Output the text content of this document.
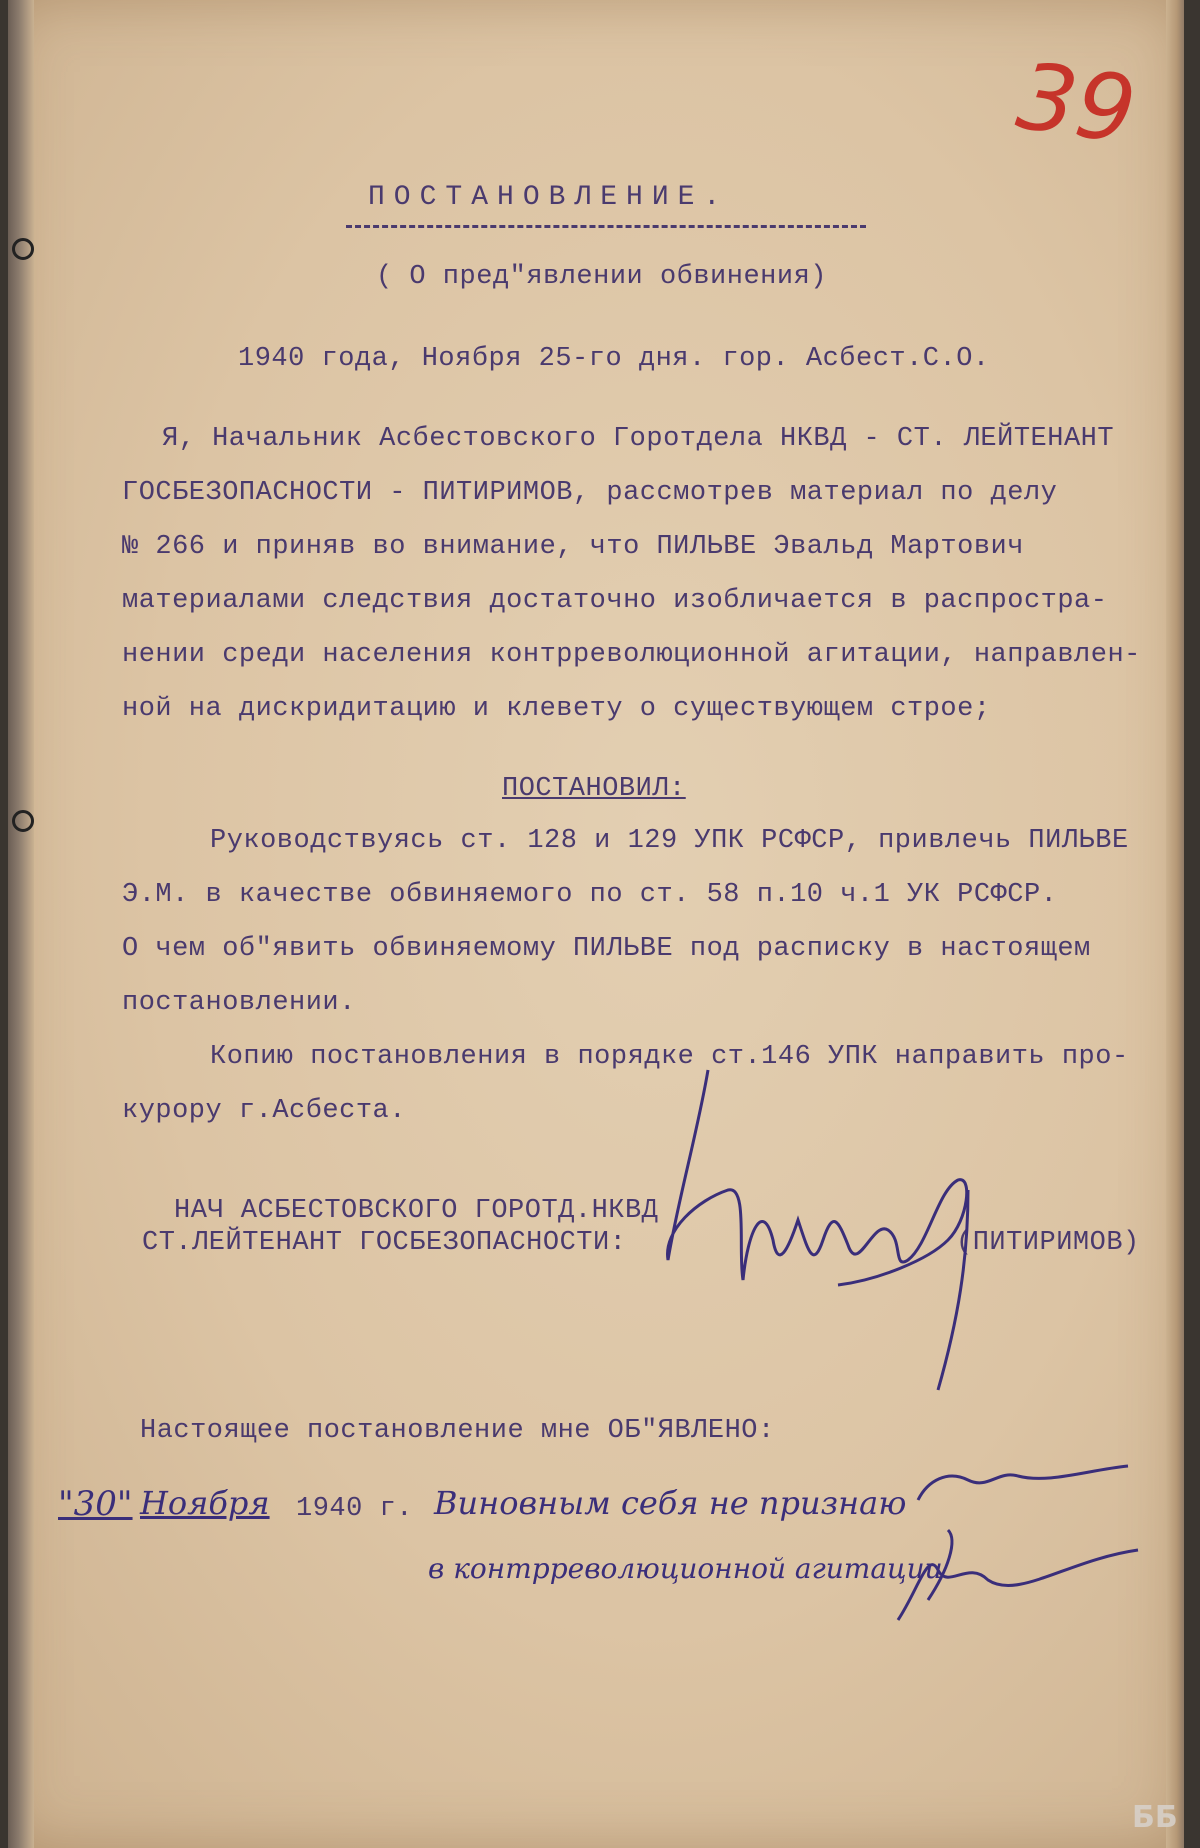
39
ПОСТАНОВЛЕНИЕ.
( О пред"явлении обвинения)
1940 года, Ноября 25-го дня. гор. Асбест.С.О.
Я, Начальник Асбестовского Горотдела НКВД - СТ. ЛЕЙТЕНАНТ
ГОСБЕЗОПАСНОСТИ - ПИТИРИМОВ, рассмотрев материал по делу
№ 266 и приняв во внимание, что ПИЛЬВЕ Эвальд Мартович
материалами следствия достаточно изобличается в распростра-
нении среди населения контрреволюционной агитации, направлен-
ной на дискридитацию и клевету о существующем строе;
ПОСТАНОВИЛ:
Руководствуясь ст. 128 и 129 УПК РСФСР, привлечь ПИЛЬВЕ
Э.М. в качестве обвиняемого по ст. 58 п.10 ч.1 УК РСФСР.
О чем об"явить обвиняемому ПИЛЬВЕ под расписку в настоящем
постановлении.
Копию постановления в порядке ст.146 УПК направить про-
курору г.Асбеста.
НАЧ АСБЕСТОВСКОГО ГОРОТД.НКВД
СТ.ЛЕЙТЕНАНТ ГОСБЕЗОПАСНОСТИ:	(ПИТИРИМОВ)
Настоящее постановление мне ОБ"ЯВЛЕНО:
"30" Ноября 1940 г. Виновным себя не признаю
в контрреволюционной агитации
ББ
